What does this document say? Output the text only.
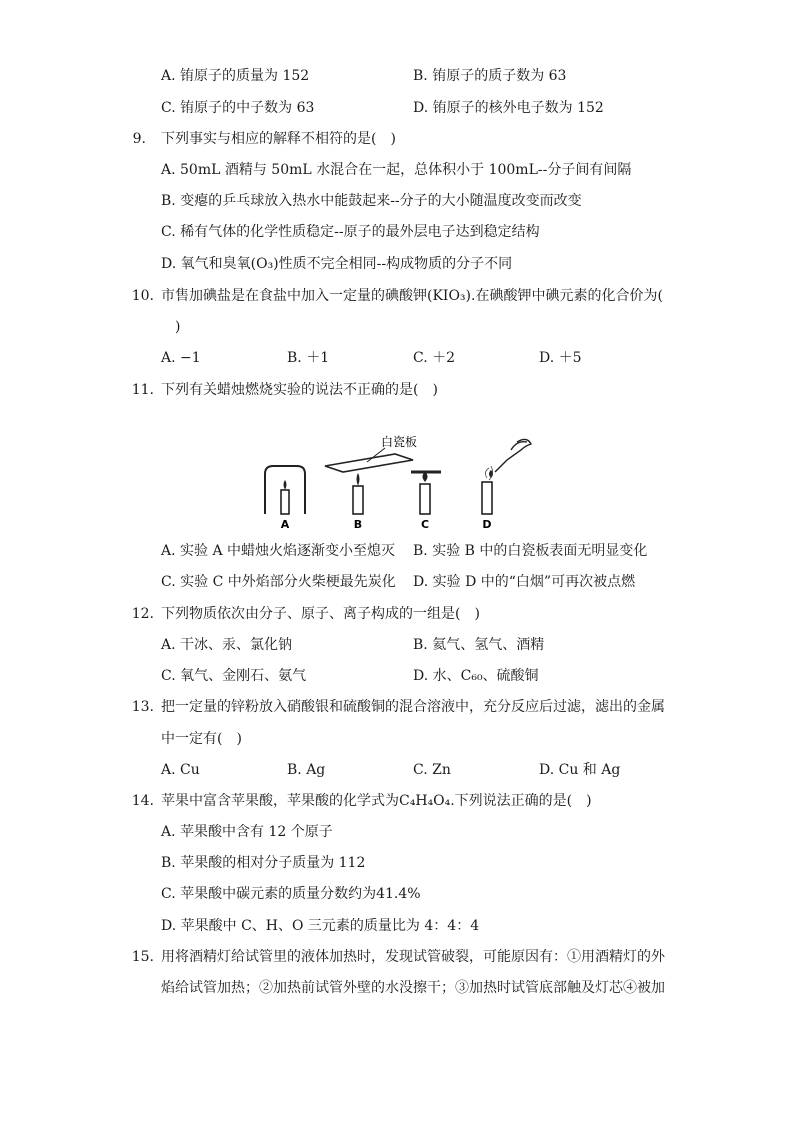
A. 铕原子的质量为 152	B. 铕原子的质子数为 63
C. 铕原子的中子数为 63	D. 铕原子的核外电子数为 152
9. 下列事实与相应的解释不相符的是(　)
A. 50mL 酒精与 50mL 水混合在一起，总体积小于 100mL--分子间有间隔
B. 变瘪的乒乓球放入热水中能鼓起来--分子的大小随温度改变而改变
C. 稀有气体的化学性质稳定--原子的最外层电子达到稳定结构
D. 氧气和臭氧(O₃)性质不完全相同--构成物质的分子不同
10. 市售加碘盐是在食盐中加入一定量的碘酸钾(KIO₃).在碘酸钾中碘元素的化合价为(
)
A. −1	B. ＋1	C. ＋2	D. ＋5
11. 下列有关蜡烛燃烧实验的说法不正确的是(　)
A
白瓷板
B	C	D
A. 实验 A 中蜡烛火焰逐渐变小至熄灭 B. 实验 B 中的白瓷板表面无明显变化
C. 实验 C 中外焰部分火柴梗最先炭化 D. 实验 D 中的“白烟”可再次被点燃
12. 下列物质依次由分子、原子、离子构成的一组是(　)
A. 干冰、汞、氯化钠	B. 氦气、氢气、酒精
C. 氧气、金刚石、氨气	D. 水、C₆₀、硫酸铜
13. 把一定量的锌粉放入硝酸银和硫酸铜的混合溶液中，充分反应后过滤，滤出的金属
中一定有(　)
A. Cu	B. Ag	C. Zn	D. Cu 和 Ag
14. 苹果中富含苹果酸，苹果酸的化学式为C₄H₄O₄.下列说法正确的是(　)
A. 苹果酸中含有 12 个原子
B. 苹果酸的相对分子质量为 112
C. 苹果酸中碳元素的质量分数约为41.4%
D. 苹果酸中 C、H、O 三元素的质量比为 4：4：4
15. 用将酒精灯给试管里的液体加热时，发现试管破裂，可能原因有：①用酒精灯的外
焰给试管加热；②加热前试管外壁的水没擦干；③加热时试管底部触及灯芯④被加
